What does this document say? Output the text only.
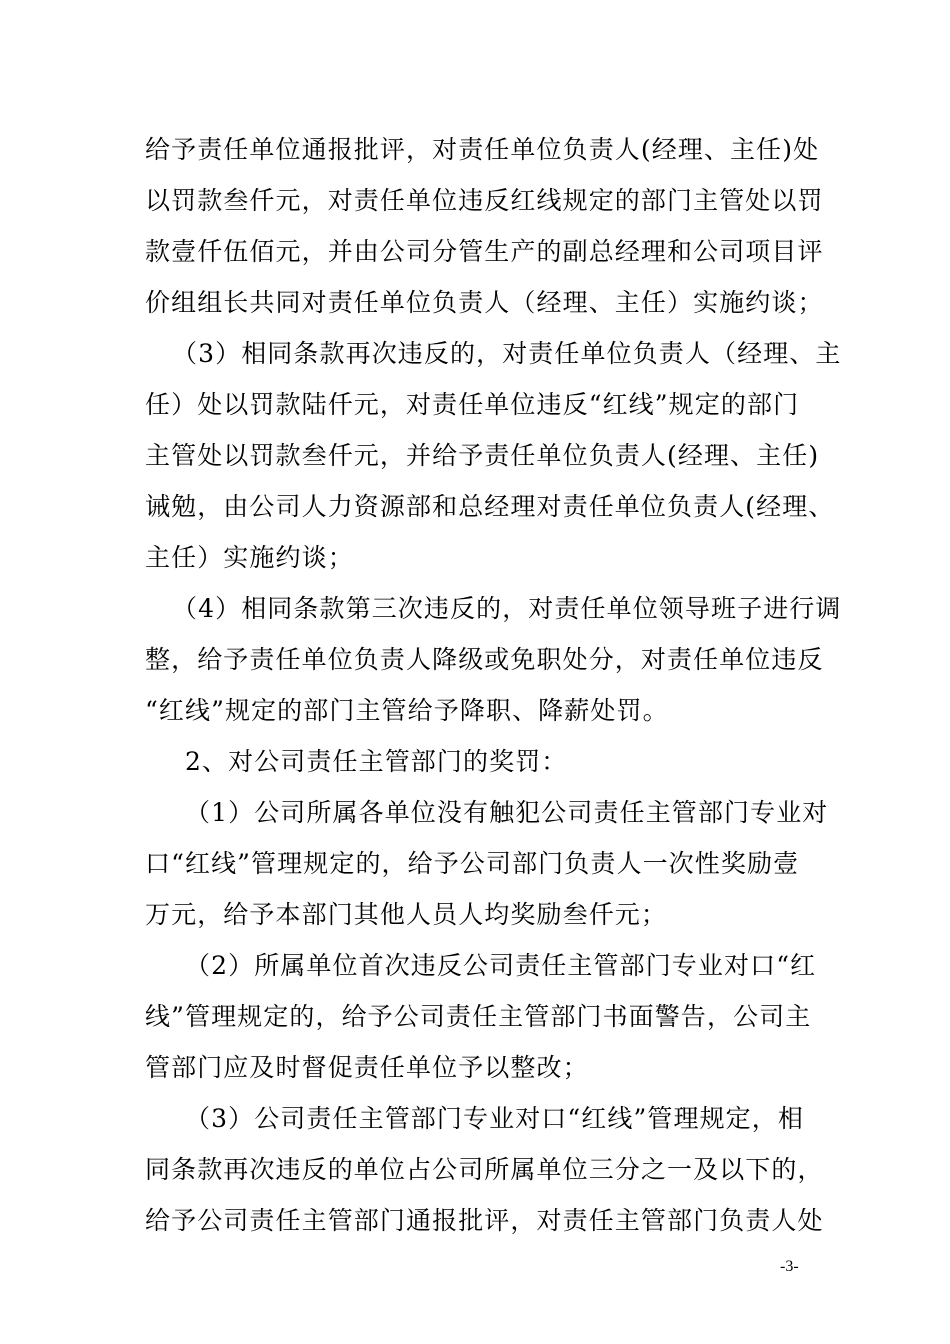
给予责任单位通报批评，对责任单位负责人(经理、主任)处
以罚款叁仟元，对责任单位违反红线规定的部门主管处以罚
款壹仟伍佰元，并由公司分管生产的副总经理和公司项目评
价组组长共同对责任单位负责人（经理、主任）实施约谈；
（3）相同条款再次违反的，对责任单位负责人（经理、主
任）处以罚款陆仟元，对责任单位违反“红线”规定的部门
主管处以罚款叁仟元，并给予责任单位负责人(经理、主任)
诫勉，由公司人力资源部和总经理对责任单位负责人(经理、
主任）实施约谈；
（4）相同条款第三次违反的，对责任单位领导班子进行调
整，给予责任单位负责人降级或免职处分，对责任单位违反
“红线”规定的部门主管给予降职、降薪处罚。
2、对公司责任主管部门的奖罚：
（1）公司所属各单位没有触犯公司责任主管部门专业对
口“红线”管理规定的，给予公司部门负责人一次性奖励壹
万元，给予本部门其他人员人均奖励叁仟元；
（2）所属单位首次违反公司责任主管部门专业对口“红
线”管理规定的，给予公司责任主管部门书面警告，公司主
管部门应及时督促责任单位予以整改；
（3）公司责任主管部门专业对口“红线”管理规定，相
同条款再次违反的单位占公司所属单位三分之一及以下的，
给予公司责任主管部门通报批评，对责任主管部门负责人处
-3-
